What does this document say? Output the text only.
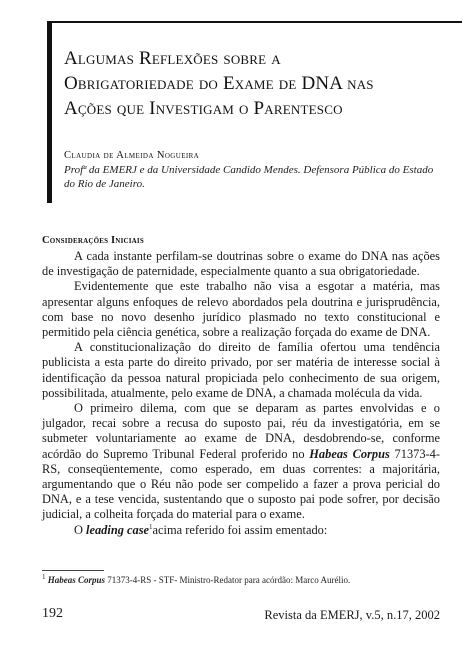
Algumas Reflexões sobre a
Obrigatoriedade do Exame de DNA nas
Ações que Investigam o Parentesco
Claudia de Almeida Nogueira
Profª da EMERJ e da Universidade Candido Mendes. Defensora Pública do Estado do Rio de Janeiro.
Considerações Iniciais

A cada instante perfilam-se doutrinas sobre o exame do DNA nas ações de investigação de paternidade, especialmente quanto a sua obrigatoriedade.

Evidentemente que este trabalho não visa a esgotar a matéria, mas apresentar alguns enfoques de relevo abordados pela doutrina e jurisprudência, com base no novo desenho jurídico plasmado no texto constitucional e permitido pela ciência genética, sobre a realização forçada do exame de DNA.

A constitucionalização do direito de família ofertou uma tendência publicista a esta parte do direito privado, por ser matéria de interesse social à identificação da pessoa natural propiciada pelo conhecimento de sua origem, possibilitada, atualmente, pelo exame de DNA, a chamada molécula da vida.

O primeiro dilema, com que se deparam as partes envolvidas e o julgador, recai sobre a recusa do suposto pai, réu da investigatória, em se submeter voluntariamente ao exame de DNA, desdobrendo-se, conforme acórdão do Supremo Tribunal Federal proferido no Habeas Corpus 71373-4-RS, conseqüentemente, como esperado, em duas correntes: a majoritária, argumentando que o Réu não pode ser compelido a fazer a prova pericial do DNA, e a tese vencida, sustentando que o suposto pai pode sofrer, por decisão judicial, a colheita forçada do material para o exame.

O leading case$^1$acima referido foi assim ementado:

$^1$ Habeas Corpus 71373-4-RS - STF- Ministro-Redator para acórdão: Marco Aurélio.
192	Revista da EMERJ, v.5, n.17, 2002
